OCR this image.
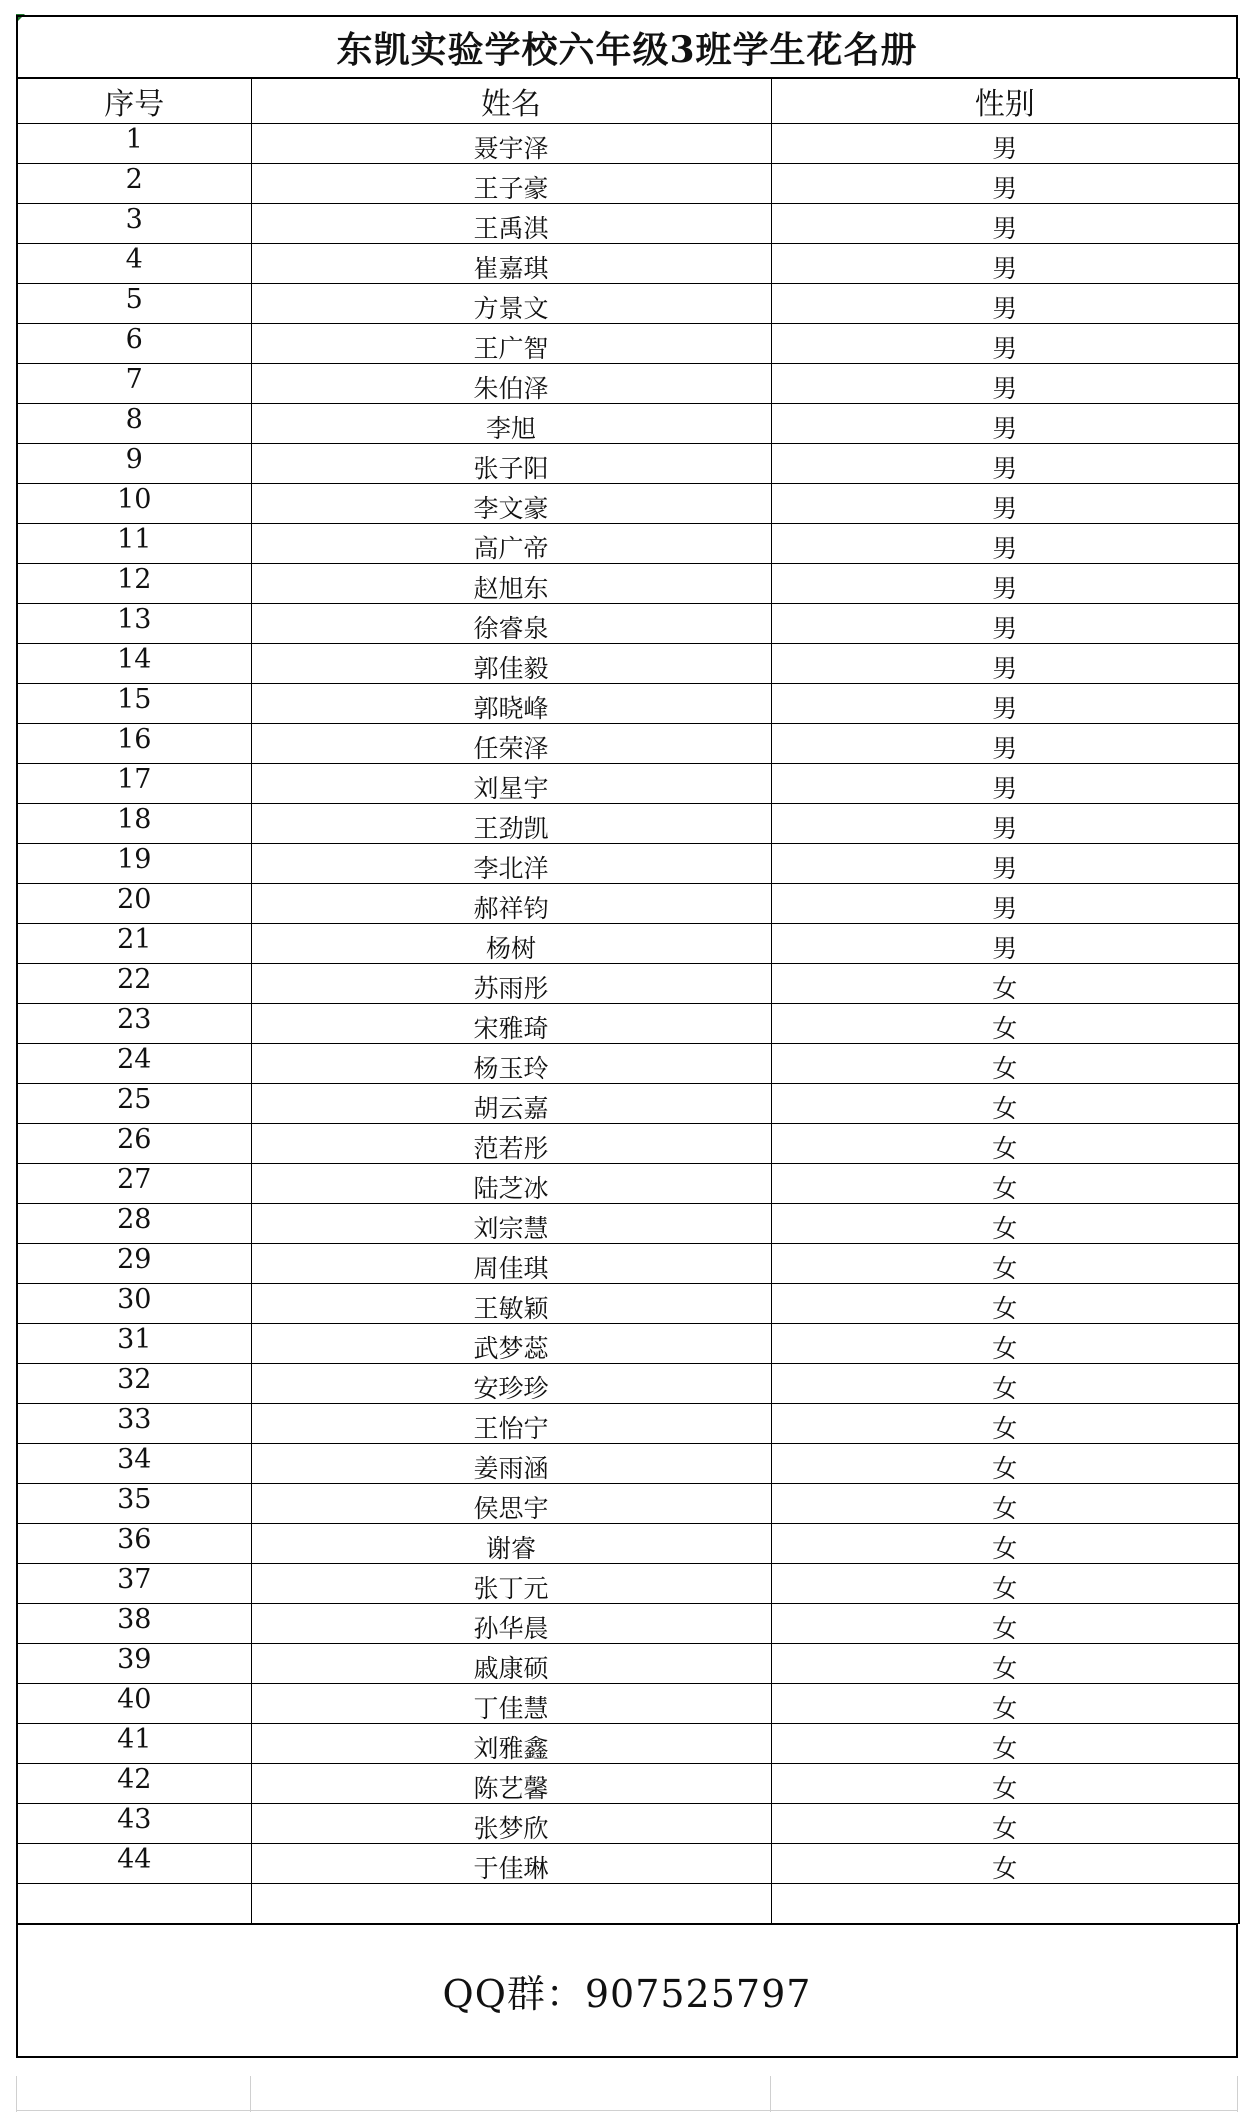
东凯实验学校六年级3班学生花名册
序号	姓名	性别
1	聂宇泽	男
2	王子豪	男
3	王禹淇	男
4	崔嘉琪	男
5	方景文	男
6	王广智	男
7	朱伯泽	男
8	李旭	男
9	张子阳	男
10	李文豪	男
11	高广帝	男
12	赵旭东	男
13	徐睿泉	男
14	郭佳毅	男
15	郭晓峰	男
16	任荣泽	男
17	刘星宇	男
18	王劲凯	男
19	李北洋	男
20	郝祥钧	男
21	杨树	男
22	苏雨彤	女
23	宋雅琦	女
24	杨玉玲	女
25	胡云嘉	女
26	范若彤	女
27	陆芝冰	女
28	刘宗慧	女
29	周佳琪	女
30	王敏颖	女
31	武梦蕊	女
32	安珍珍	女
33	王怡宁	女
34	姜雨涵	女
35	侯思宇	女
36	谢睿	女
37	张丁元	女
38	孙华晨	女
39	戚康硕	女
40	丁佳慧	女
41	刘雅鑫	女
42	陈艺馨	女
43	张梦欣	女
44	于佳琳	女

QQ群：907525797
